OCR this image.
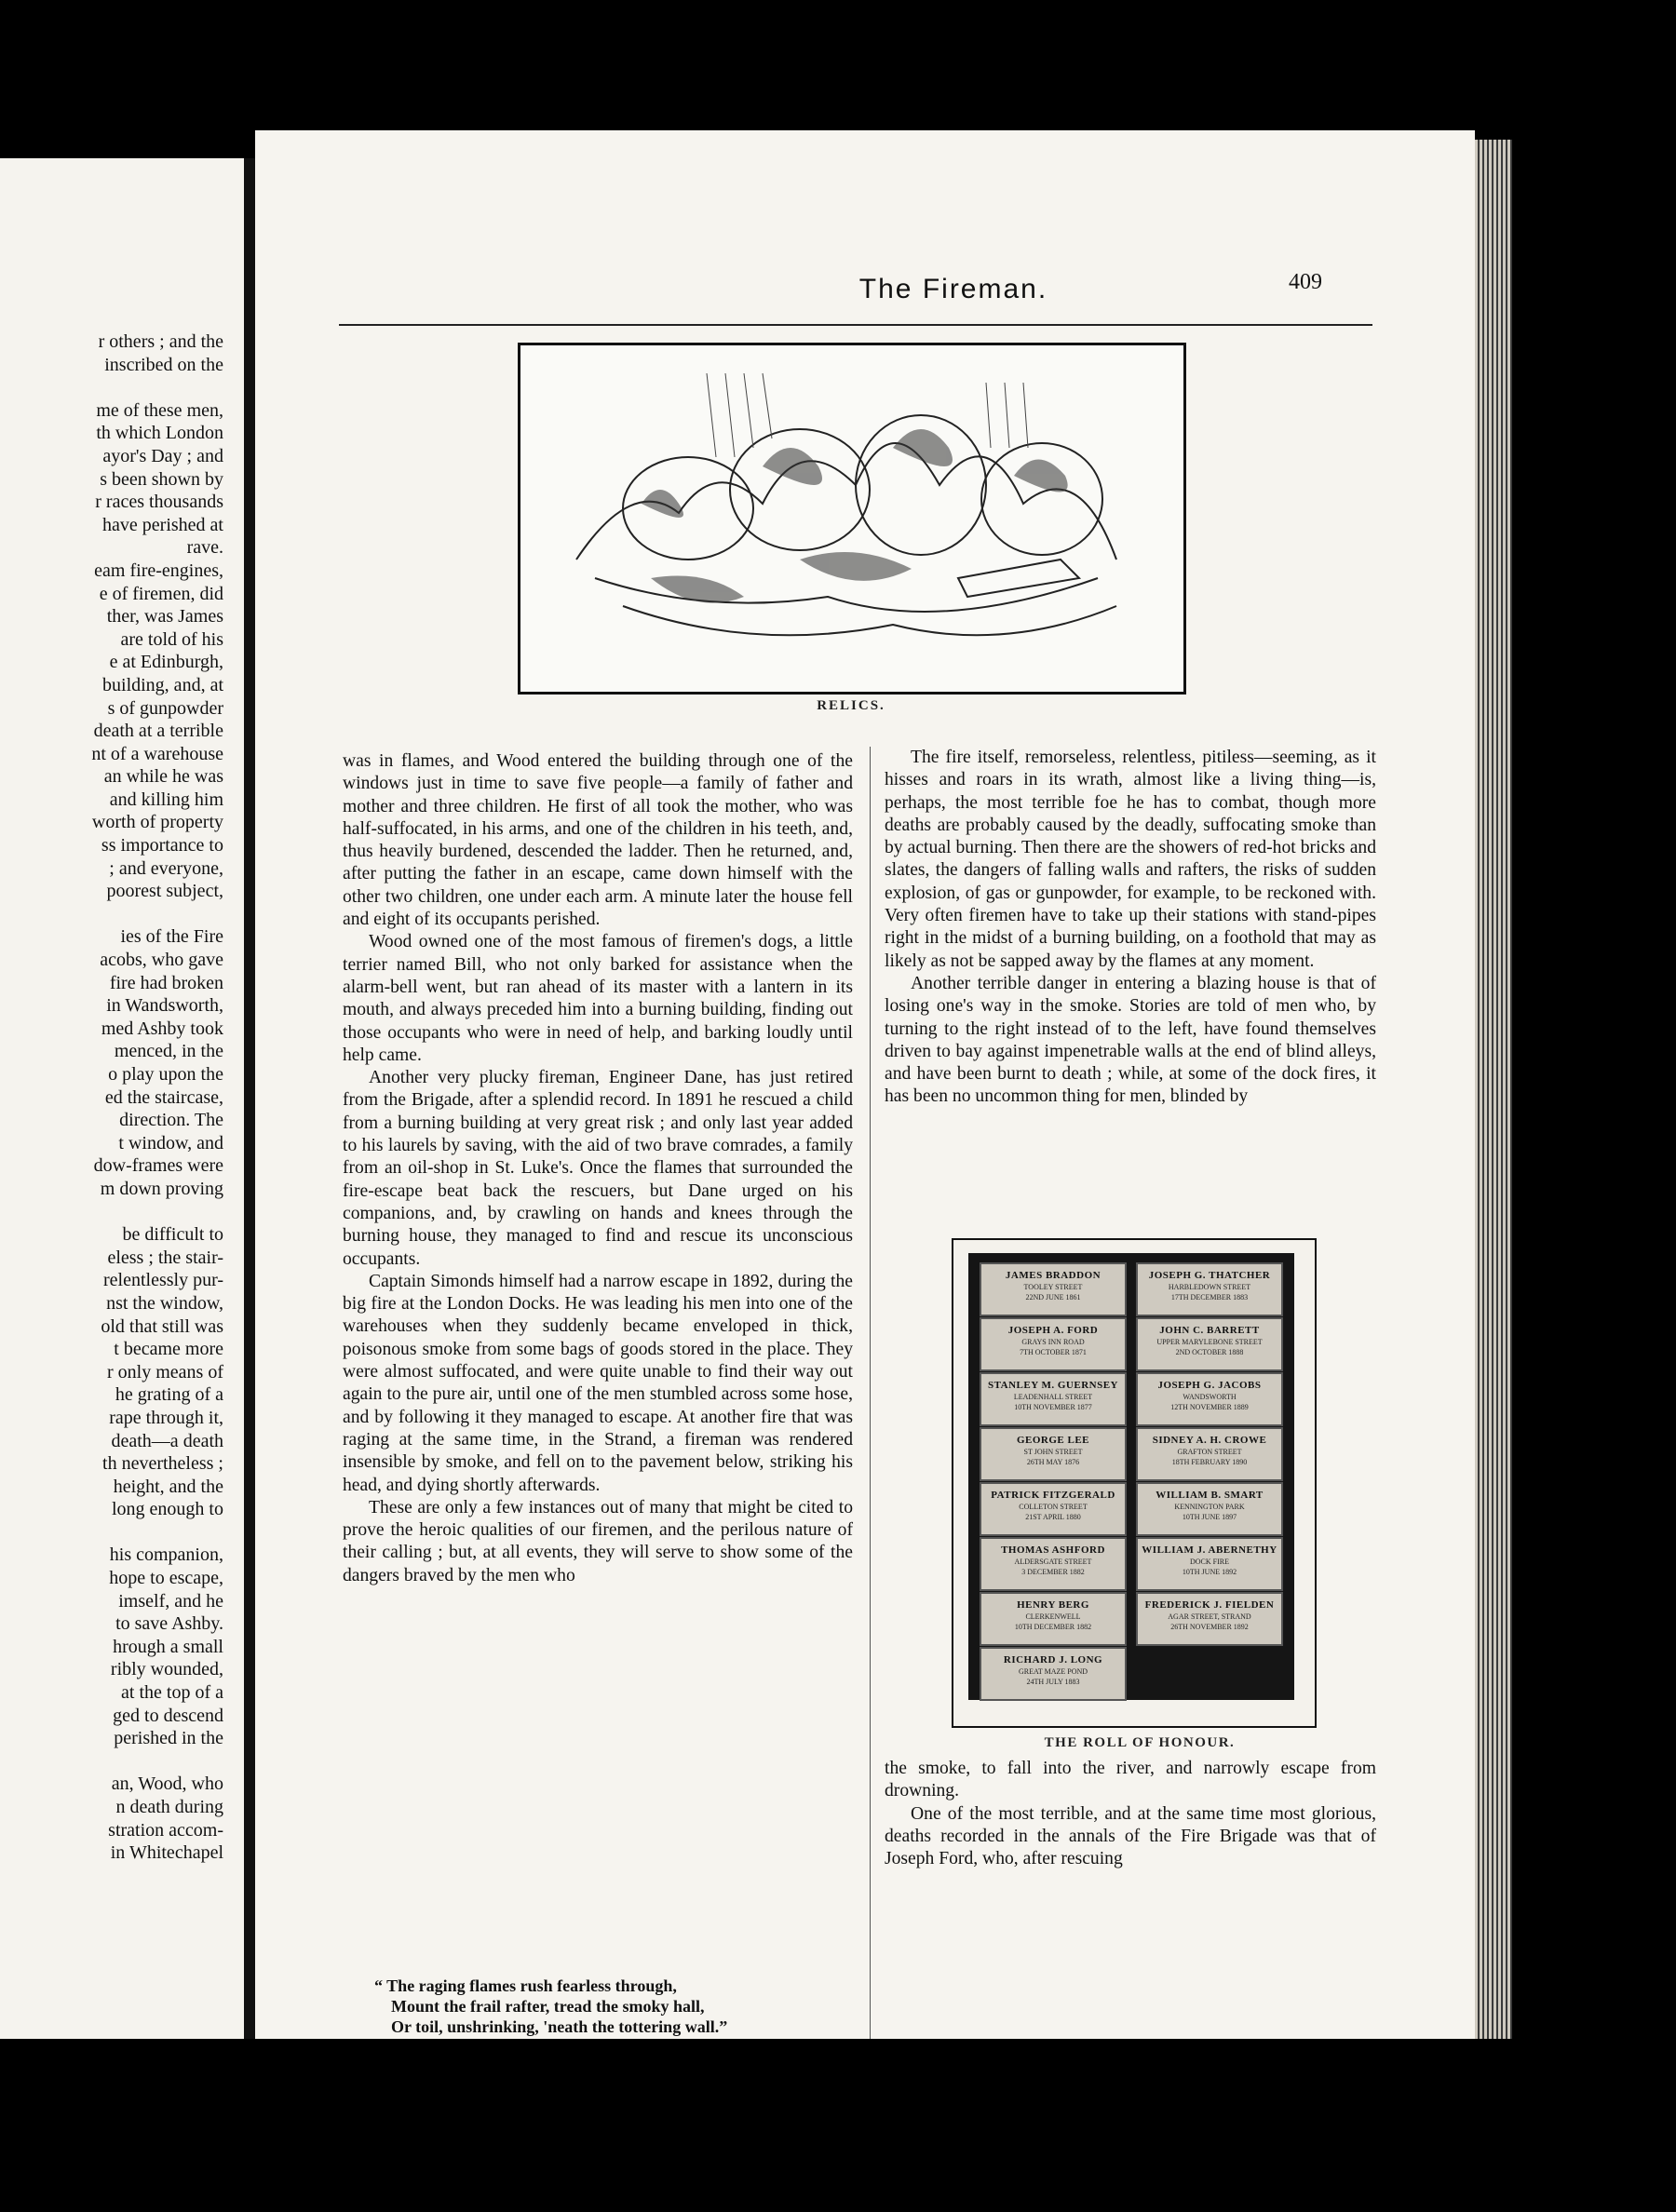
r others ; and the

inscribed on the

me of these men,

th which London

ayor's Day ; and

s been shown by

r races thousands

have perished at

rave.

eam fire-engines,

e of firemen, did

ther, was James

are told of his

e at Edinburgh,

building, and, at

s of gunpowder

death at a terrible

nt of a warehouse

an while he was

and killing him

worth of property

ss importance to

; and everyone,

poorest subject,

ies of the Fire

acobs, who gave

fire had broken

in Wandsworth,

med Ashby took

menced, in the

o play upon the

ed the staircase,

direction. The

t window, and

dow-frames were

m down proving

be difficult to

eless ; the stair-

relentlessly pur-

nst the window,

old that still was

t became more

r only means of

he grating of a

rape through it,

death—a death

th nevertheless ;

height, and the

long enough to

his companion,

hope to escape,

imself, and he

to save Ashby.

hrough a small

ribly wounded,

at the top of a

ged to descend

perished in the

an, Wood, who

n death during

stration accom-

in Whitechapel

The Fireman.	409
RELICS.

was in flames, and Wood entered the building through one of the windows just in time to save five people—a family of father and mother and three children. He first of all took the mother, who was half-suffocated, in his arms, and one of the children in his teeth, and, thus heavily burdened, descended the ladder. Then he returned, and, after putting the father in an escape, came down himself with the other two children, one under each arm. A minute later the house fell and eight of its occupants perished.

Wood owned one of the most famous of firemen's dogs, a little terrier named Bill, who not only barked for assistance when the alarm-bell went, but ran ahead of its master with a lantern in its mouth, and always preceded him into a burning building, finding out those occupants who were in need of help, and barking loudly until help came.

Another very plucky fireman, Engineer Dane, has just retired from the Brigade, after a splendid record. In 1891 he rescued a child from a burning building at very great risk ; and only last year added to his laurels by saving, with the aid of two brave comrades, a family from an oil-shop in St. Luke's. Once the flames that surrounded the fire-escape beat back the rescuers, but Dane urged on his companions, and, by crawling on hands and knees through the burning house, they managed to find and rescue its unconscious occupants.

Captain Simonds himself had a narrow escape in 1892, during the big fire at the London Docks. He was leading his men into one of the warehouses when they suddenly became enveloped in thick, poisonous smoke from some bags of goods stored in the place. They were almost suffocated, and were quite unable to find their way out again to the pure air, until one of the men stumbled across some hose, and by following it they managed to escape. At another fire that was raging at the same time, in the Strand, a fireman was rendered insensible by smoke, and fell on to the pavement below, striking his head, and dying shortly afterwards.

These are only a few instances out of many that might be cited to prove the heroic qualities of our firemen, and the perilous nature of their calling ; but, at all events, they will serve to show some of the dangers braved by the men who

The fire itself, remorseless, relentless, pitiless—seeming, as it hisses and roars in its wrath, almost like a living thing—is, perhaps, the most terrible foe he has to combat, though more deaths are probably caused by the deadly, suffocating smoke than by actual burning. Then there are the showers of red-hot bricks and slates, the dangers of falling walls and rafters, the risks of sudden explosion, of gas or gunpowder, for example, to be reckoned with. Very often firemen have to take up their stations with stand-pipes right in the midst of a burning building, on a foothold that may as likely as not be sapped away by the flames at any moment.

Another terrible danger in entering a blazing house is that of losing one's way in the smoke. Stories are told of men who, by turning to the right instead of to the left, have found themselves driven to bay against impenetrable walls at the end of blind alleys, and have been burnt to death ; while, at some of the dock fires, it has been no uncommon thing for men, blinded by

“ The raging flames rush fearless through,

Mount the frail rafter, tread the smoky hall,

Or toil, unshrinking, 'neath the tottering wall.”

JAMES BRADDON
TOOLEY STREET
22ND JUNE 1861
JOSEPH A. FORD
GRAYS INN ROAD
7TH OCTOBER 1871
STANLEY M. GUERNSEY
LEADENHALL STREET
10TH NOVEMBER 1877
GEORGE LEE
ST JOHN STREET
26TH MAY 1876
PATRICK FITZGERALD
COLLETON STREET
21ST APRIL 1880
THOMAS ASHFORD
ALDERSGATE STREET
3 DECEMBER 1882
HENRY BERG
CLERKENWELL
10TH DECEMBER 1882
RICHARD J. LONG
GREAT MAZE POND
24TH JULY 1883
JOSEPH G. THATCHER
HARBLEDOWN STREET
17TH DECEMBER 1883
JOHN C. BARRETT
UPPER MARYLEBONE STREET
2ND OCTOBER 1888
JOSEPH G. JACOBS
WANDSWORTH
12TH NOVEMBER 1889
SIDNEY A. H. CROWE
GRAFTON STREET
18TH FEBRUARY 1890
WILLIAM B. SMART
KENNINGTON PARK
10TH JUNE 1897
WILLIAM J. ABERNETHY
DOCK FIRE
10TH JUNE 1892
FREDERICK J. FIELDEN
AGAR STREET, STRAND
26TH NOVEMBER 1892
THE ROLL OF HONOUR.

the smoke, to fall into the river, and narrowly escape from drowning.

One of the most terrible, and at the same time most glorious, deaths recorded in the annals of the Fire Brigade was that of Joseph Ford, who, after rescuing
